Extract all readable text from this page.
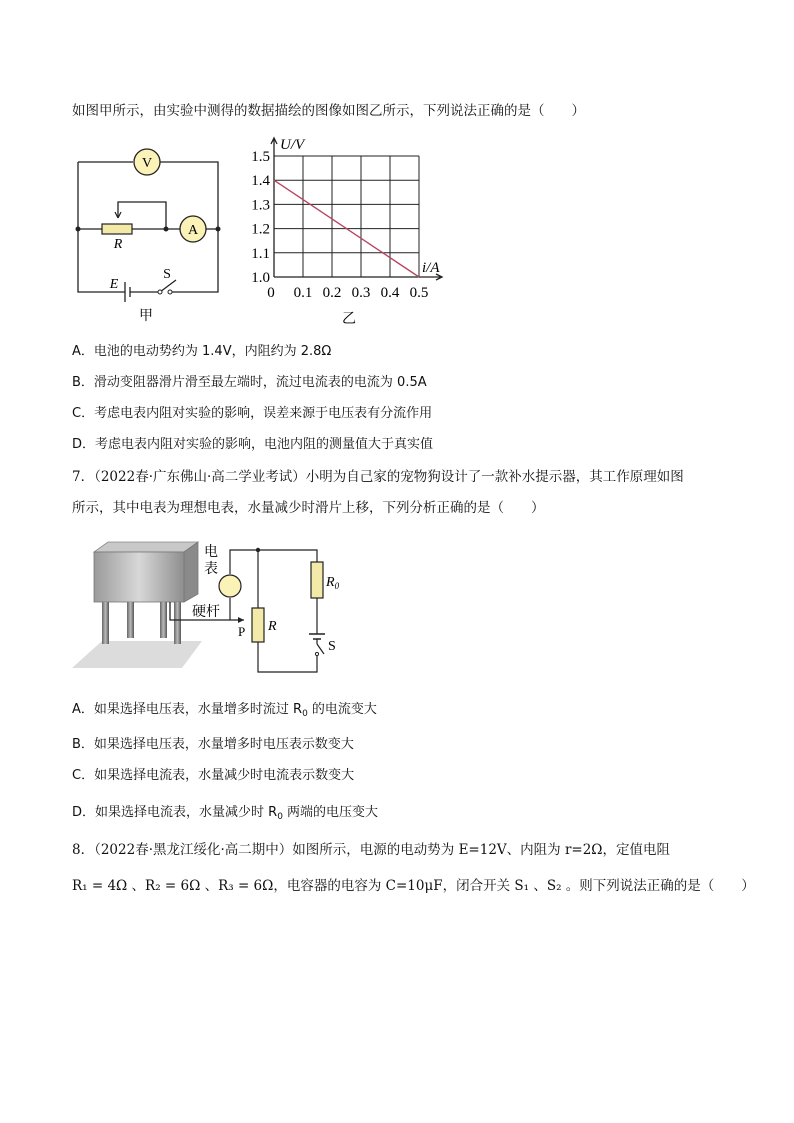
如图甲所示，由实验中测得的数据描绘的图像如图乙所示，下列说法正确的是（　　）
V
A
R
E
S
甲
0 0.1 0.2 0.3 0.4 0.5
1.5
1.4
1.3
1.2
1.1
1.0
U/V
i/A
乙
A．电池的电动势约为 1.4V，内阻约为 2.8Ω
B．滑动变阻器滑片滑至最左端时，流过电流表的电流为 0.5A
C．考虑电表内阻对实验的影响，误差来源于电压表有分流作用
D．考虑电表内阻对实验的影响，电池内阻的测量值大于真实值
7．（2022春·广东佛山·高二学业考试）小明为自己家的宠物狗设计了一款补水提示器，其工作原理如图
所示，其中电表为理想电表，水量减少时滑片上移，下列分析正确的是（　　）
电
表
硬杆
P R
$R_0$
S
A．如果选择电压表，水量增多时流过 $R_0$ 的电流变大
B．如果选择电压表，水量增多时电压表示数变大
C．如果选择电流表，水量减少时电流表示数变大
D．如果选择电流表，水量减少时 $R_0$ 两端的电压变大
8．（2022春·黑龙江绥化·高二期中）如图所示，电源的电动势为 E=12V、内阻为 r=2Ω，定值电阻
R₁ = 4Ω 、R₂ = 6Ω 、R₃ = 6Ω，电容器的电容为 C=10μF，闭合开关 S₁ 、S₂ 。则下列说法正确的是（　　）
